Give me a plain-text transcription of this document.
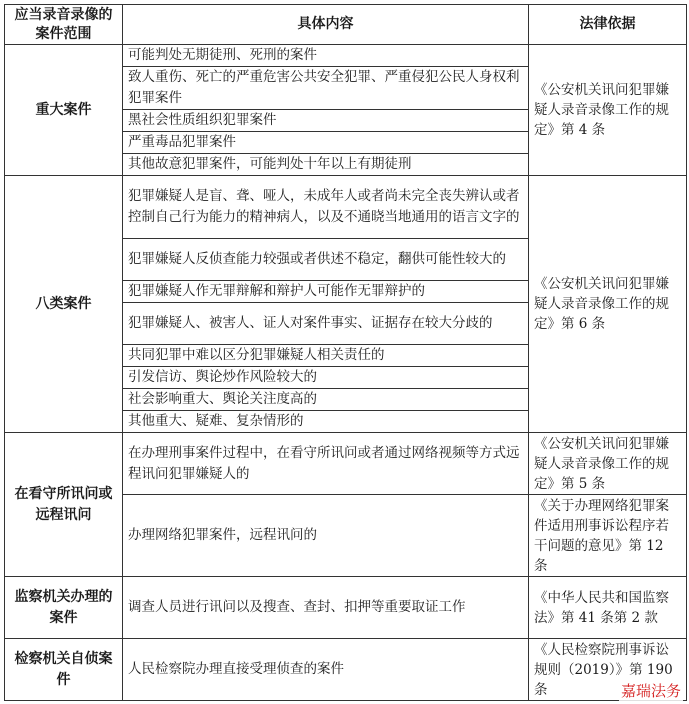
应当录音录像的案件范围	具体内容	法律依据
重大案件	可能判处无期徒刑、死刑的案件	《公安机关讯问犯罪嫌疑人录音录像工作的规定》第 4 条
	致人重伤、死亡的严重危害公共安全犯罪、严重侵犯公民人身权利犯罪案件	
	黑社会性质组织犯罪案件	
	严重毒品犯罪案件	
	其他故意犯罪案件，可能判处十年以上有期徒刑	
八类案件	犯罪嫌疑人是盲、聋、哑人，未成年人或者尚未完全丧失辨认或者控制自己行为能力的精神病人，以及不通晓当地通用的语言文字的	《公安机关讯问犯罪嫌疑人录音录像工作的规定》第 6 条
	犯罪嫌疑人反侦查能力较强或者供述不稳定，翻供可能性较大的	
	犯罪嫌疑人作无罪辩解和辩护人可能作无罪辩护的	
	犯罪嫌疑人、被害人、证人对案件事实、证据存在较大分歧的	
	共同犯罪中难以区分犯罪嫌疑人相关责任的	
	引发信访、舆论炒作风险较大的	
	社会影响重大、舆论关注度高的	
	其他重大、疑难、复杂情形的	
在看守所讯问或远程讯问	在办理刑事案件过程中，在看守所讯问或者通过网络视频等方式远程讯问犯罪嫌疑人的	《公安机关讯问犯罪嫌疑人录音录像工作的规定》第 5 条
	办理网络犯罪案件，远程讯问的	《关于办理网络犯罪案件适用刑事诉讼程序若干问题的意见》第 12 条
监察机关办理的案件	调查人员进行讯问以及搜查、查封、扣押等重要取证工作	《中华人民共和国监察法》第 41 条第 2 款
检察机关自侦案件	人民检察院办理直接受理侦查的案件	《人民检察院刑事诉讼规则（2019）》第 190 条	嘉瑞法务
